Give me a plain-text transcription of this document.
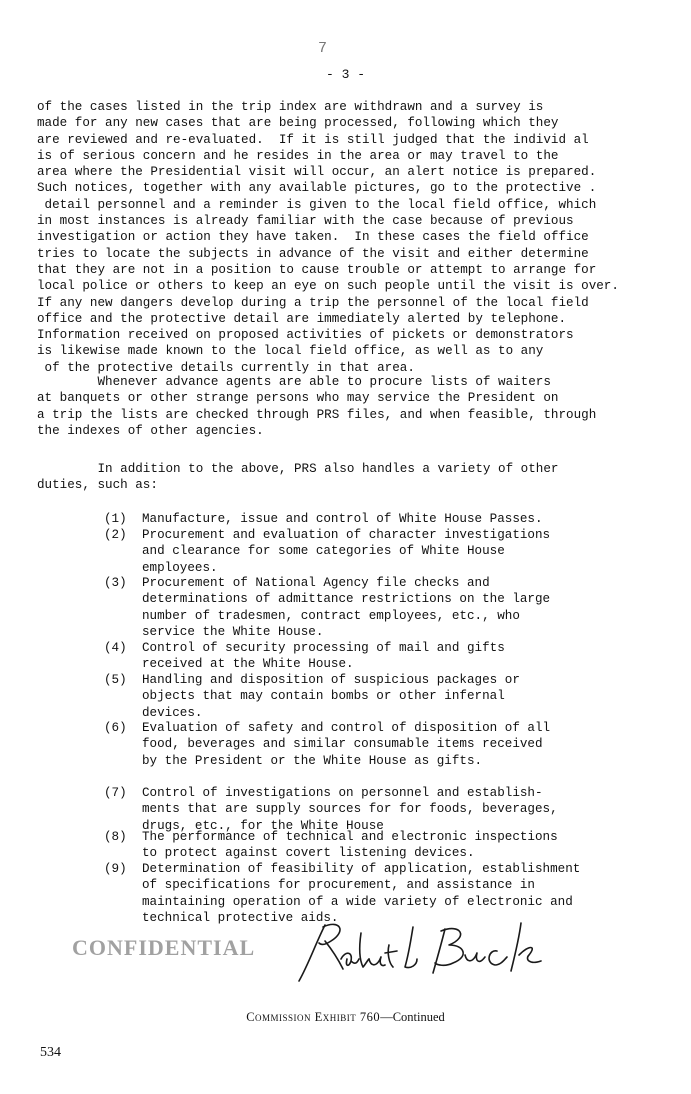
7
- 3 -

of the cases listed in the trip index are withdrawn and a survey is
made for any new cases that are being processed, following which they
are reviewed and re-evaluated.  If it is still judged that the individ al
is of serious concern and he resides in the area or may travel to the
area where the Presidential visit will occur, an alert notice is prepared.
Such notices, together with any available pictures, go to the protective .
detail personnel and a reminder is given to the local field office, which
in most instances is already familiar with the case because of previous
investigation or action they have taken.  In these cases the field office
tries to locate the subjects in advance of the visit and either determine
that they are not in a position to cause trouble or attempt to arrange for
local police or others to keep an eye on such people until the visit is over.
If any new dangers develop during a trip the personnel of the local field
office and the protective detail are immediately alerted by telephone.
Information received on proposed activities of pickets or demonstrators
is likewise made known to the local field office, as well as to any
of the protective details currently in that area.

Whenever advance agents are able to procure lists of waiters
at banquets or other strange persons who may service the President on
a trip the lists are checked through PRS files, and when feasible, through
the indexes of other agencies.

In addition to the above, PRS also handles a variety of other
duties, such as:

(1) Manufacture, issue and control of White House Passes.
(2) Procurement and evaluation of character investigations
and clearance for some categories of White House
employees.
(3) Procurement of National Agency file checks and
determinations of admittance restrictions on the large
number of tradesmen, contract employees, etc., who
service the White House.
(4) Control of security processing of mail and gifts
received at the White House.
(5) Handling and disposition of suspicious packages or
objects that may contain bombs or other infernal
devices.
(6) Evaluation of safety and control of disposition of all
food, beverages and similar consumable items received
by the President or the White House as gifts.
(7) Control of investigations on personnel and establish-
ments that are supply sources for for foods, beverages,
drugs, etc., for the White House
(8) The performance of technical and electronic inspections
to protect against covert listening devices.
(9) Determination of feasibility of application, establishment
of specifications for procurement, and assistance in
maintaining operation of a wide variety of electronic and
technical protective aids.
CONFIDENTIAL
Commission Exhibit 760—Continued
534
